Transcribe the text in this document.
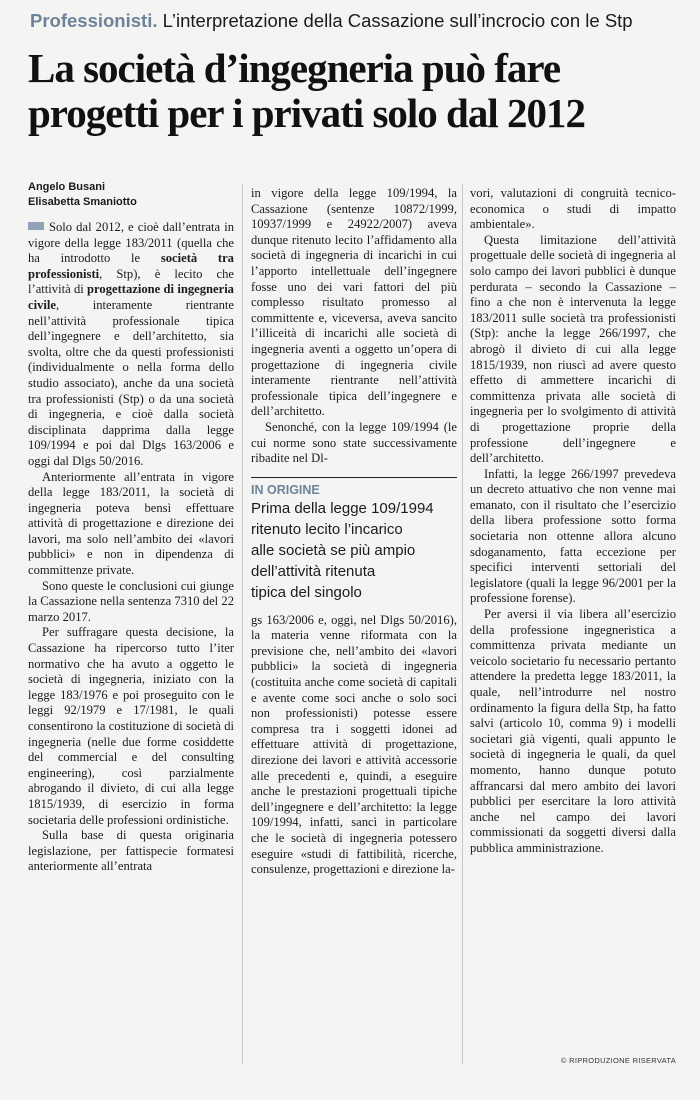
Professionisti. L’interpretazione della Cassazione sull’incrocio con le Stp
La società d’ingegneria può fare
progetti per i privati solo dal 2012
Angelo Busani
Elisabetta Smaniotto

Solo dal 2012, e cioè dall’entrata in vigore della legge 183/2011 (quella che ha introdotto le società tra professionisti, Stp), è lecito che l’attività di progettazione di ingegneria civile, interamente rientrante nell’attività professionale tipica dell’ingegnere e dell’architetto, sia svolta, oltre che da questi professionisti (individualmente o nella forma dello studio associato), anche da una società tra professionisti (Stp) o da una società di ingegneria, e cioè dalla società disciplinata dapprima dalla legge 109/1994 e poi dal Dlgs 163/2006 e oggi dal Dlgs 50/2016.

Anteriormente all’entrata in vigore della legge 183/2011, la società di ingegneria poteva bensì effettuare attività di progettazione e direzione dei lavori, ma solo nell’ambito dei «lavori pubblici» e non in dipendenza di committenze private.

Sono queste le conclusioni cui giunge la Cassazione nella sentenza 7310 del 22 marzo 2017.

Per suffragare questa decisione, la Cassazione ha ripercorso tutto l’iter normativo che ha avuto a oggetto le società di ingegneria, iniziato con la legge 183/1976 e poi proseguito con le leggi 92/1979 e 17/1981, le quali consentirono la costituzione di società di ingegneria (nelle due forme cosiddette del commercial e del consulting engineering), così parzialmente abrogando il divieto, di cui alla legge 1815/1939, di esercizio in forma societaria delle professioni ordinistiche.

Sulla base di questa originaria legislazione, per fattispecie formatesi anteriormente all’entrata

in vigore della legge 109/1994, la Cassazione (sentenze 10872/1999, 10937/1999 e 24922/2007) aveva dunque ritenuto lecito l’affidamento alla società di ingegneria di incarichi in cui l’apporto intellettuale dell’ingegnere fosse uno dei vari fattori del più complesso risultato promesso al committente e, viceversa, aveva sancito l’illiceità di incarichi alle società di ingegneria aventi a oggetto un’opera di progettazione di ingegneria civile interamente rientrante nell’attività professionale tipica dell’ingegnere e dell’architetto.

Senonché, con la legge 109/1994 (le cui norme sono state successivamente ribadite nel Dl-

IN ORIGINE
Prima della legge 109/1994
ritenuto lecito l’incarico
alle società se più ampio
dell’attività ritenuta
tipica del singolo

gs 163/2006 e, oggi, nel Dlgs 50/2016), la materia venne riformata con la previsione che, nell’ambito dei «lavori pubblici» la società di ingegneria (costituita anche come società di capitali e avente come soci anche o solo soci non professionisti) potesse essere compresa tra i soggetti idonei ad effettuare attività di progettazione, direzione dei lavori e attività accessorie alle precedenti e, quindi, a eseguire anche le prestazioni progettuali tipiche dell’ingegnere e dell’architetto: la legge 109/1994, infatti, sancì in particolare che le società di ingegneria potessero eseguire «studi di fattibilità, ricerche, consulenze, progettazioni e direzione la-

vori, valutazioni di congruità tecnico-economica o studi di impatto ambientale».

Questa limitazione dell’attività progettuale delle società di ingegneria al solo campo dei lavori pubblici è dunque perdurata – secondo la Cassazione – fino a che non è intervenuta la legge 183/2011 sulle società tra professionisti (Stp): anche la legge 266/1997, che abrogò il divieto di cui alla legge 1815/1939, non riuscì ad avere questo effetto di ammettere incarichi di committenza privata alle società di ingegneria per lo svolgimento di attività di progettazione proprie della professione dell’ingegnere e dell’architetto.

Infatti, la legge 266/1997 prevedeva un decreto attuativo che non venne mai emanato, con il risultato che l’esercizio della libera professione sotto forma societaria non ottenne allora alcuno sdoganamento, fatta eccezione per specifici interventi settoriali del legislatore (quali la legge 96/2001 per la professione forense).

Per aversi il via libera all’esercizio della professione ingegneristica a committenza privata mediante un veicolo societario fu necessario pertanto attendere la predetta legge 183/2011, la quale, nell’introdurre nel nostro ordinamento la figura della Stp, ha fatto salvi (articolo 10, comma 9) i modelli societari già vigenti, quali appunto le società di ingegneria le quali, da quel momento, hanno dunque potuto affrancarsi dal mero ambito dei lavori pubblici per esercitare la loro attività anche nel campo dei lavori commissionati da soggetti diversi dalla pubblica amministrazione.

© RIPRODUZIONE RISERVATA
